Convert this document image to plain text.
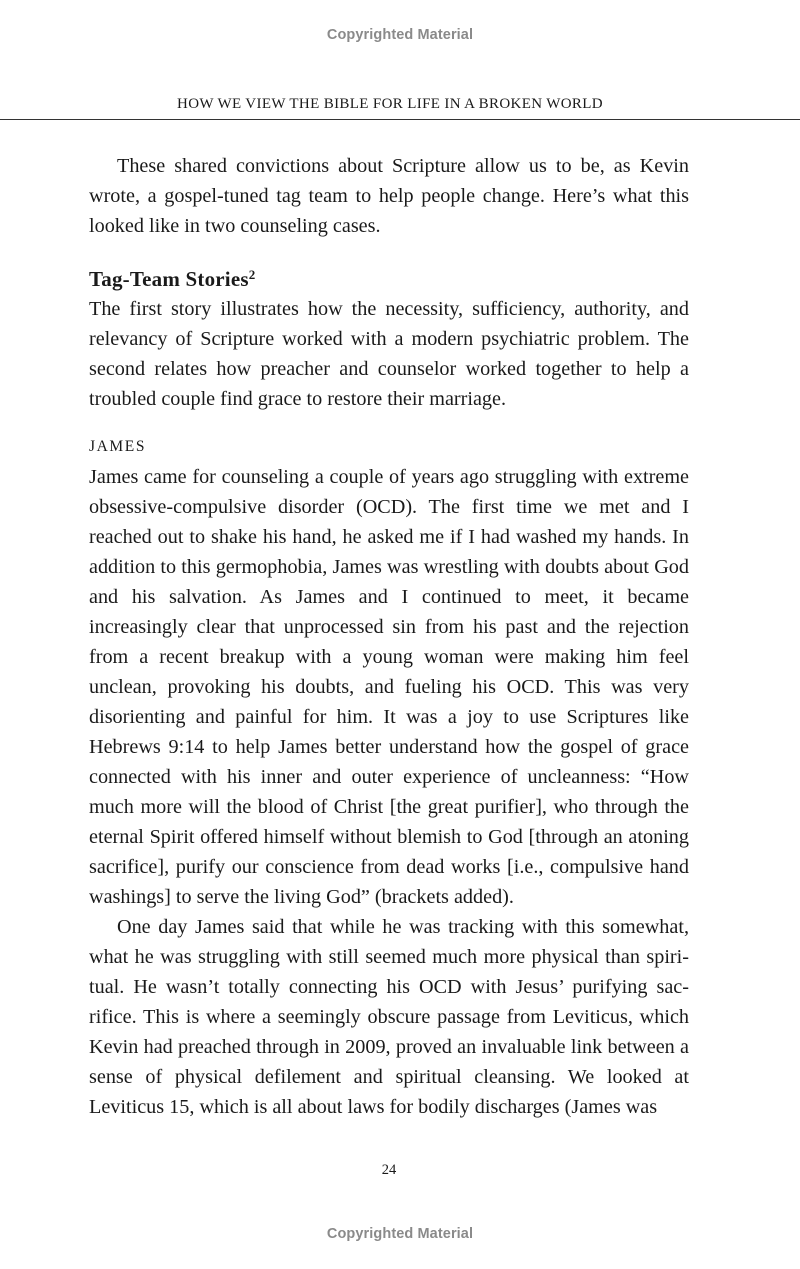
Copyrighted Material
HOW WE VIEW THE BIBLE FOR LIFE IN A BROKEN WORLD

These shared convictions about Scripture allow us to be, as Kevin wrote, a gospel-tuned tag team to help people change. Here’s what this looked like in two counseling cases.

Tag-Team Stories$^2$

The first story illustrates how the necessity, sufficiency, authority, and relevancy of Scripture worked with a modern psychiatric problem. The second relates how preacher and counselor worked together to help a troubled couple find grace to restore their marriage.

JAMES

James came for counseling a couple of years ago struggling with extreme obsessive-compulsive disorder (OCD). The first time we met and I reached out to shake his hand, he asked me if I had washed my hands. In addition to this germophobia, James was wrestling with doubts about God and his salvation. As James and I continued to meet, it became increasingly clear that unprocessed sin from his past and the rejection from a recent breakup with a young woman were making him feel unclean, provoking his doubts, and fueling his OCD. This was very disorienting and painful for him. It was a joy to use Scriptures like Hebrews 9:14 to help James better understand how the gospel of grace connected with his inner and outer experience of uncleanness: “How much more will the blood of Christ [the great purifier], who through the eternal Spirit offered himself without blemish to God [through an atoning sacrifice], purify our conscience from dead works [i.e., compulsive hand washings] to serve the living God” (brackets added).

One day James said that while he was tracking with this somewhat, what he was struggling with still seemed much more physical than spiritual. He wasn’t totally connecting his OCD with Jesus’ purifying sacrifice. This is where a seemingly obscure passage from Leviticus, which Kevin had preached through in 2009, proved an invaluable link between a sense of physical defilement and spiritual cleansing. We looked at Leviticus 15, which is all about laws for bodily discharges (James was

24
Copyrighted Material
